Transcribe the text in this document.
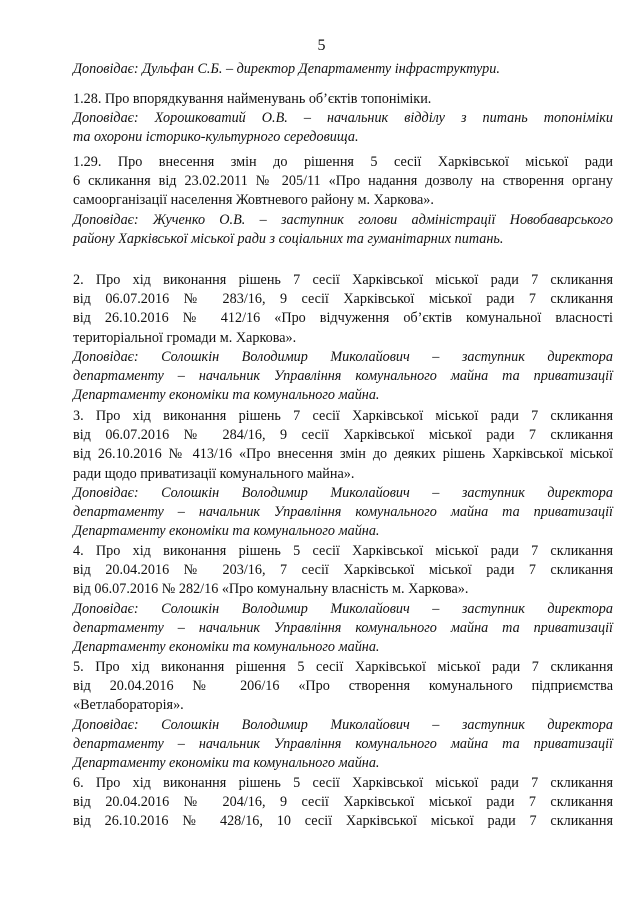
5
Доповідає: Дульфан С.Б. – директор Департаменту інфраструктури.
1.28. Про впорядкування найменувань об’єктів топоніміки.
Доповідає: Хорошковатий О.В. – начальник відділу з питань топоніміки
та охорони історико-культурного середовища.
1.29. Про внесення змін до рішення 5 сесії Харківської міської ради
6 скликання від 23.02.2011 № 205/11 «Про надання дозволу на створення органу
самоорганізації населення Жовтневого району м. Харкова».
Доповідає: Жученко О.В. – заступник голови адміністрації Новобаварського
району Харківської міської ради з соціальних та гуманітарних питань.
2. Про хід виконання рішень 7 сесії Харківської міської ради 7 скликання
від 06.07.2016 № 283/16, 9 сесії Харківської міської ради 7 скликання
від 26.10.2016 № 412/16 «Про відчуження об’єктів комунальної власності
територіальної громади м. Харкова».
Доповідає: Солошкін Володимир Миколайович – заступник директора
департаменту – начальник Управління комунального майна та приватизації
Департаменту економіки та комунального майна.
3. Про хід виконання рішень 7 сесії Харківської міської ради 7 скликання
від 06.07.2016 № 284/16, 9 сесії Харківської міської ради 7 скликання
від 26.10.2016 № 413/16 «Про внесення змін до деяких рішень Харківської міської
ради щодо приватизації комунального майна».
Доповідає: Солошкін Володимир Миколайович – заступник директора
департаменту – начальник Управління комунального майна та приватизації
Департаменту економіки та комунального майна.
4. Про хід виконання рішень 5 сесії Харківської міської ради 7 скликання
від 20.04.2016 № 203/16, 7 сесії Харківської міської ради 7 скликання
від 06.07.2016 № 282/16 «Про комунальну власність м. Харкова».
Доповідає: Солошкін Володимир Миколайович – заступник директора
департаменту – начальник Управління комунального майна та приватизації
Департаменту економіки та комунального майна.
5. Про хід виконання рішення 5 сесії Харківської міської ради 7 скликання
від 20.04.2016 № 206/16 «Про створення комунального підприємства
«Ветлабораторія».
Доповідає: Солошкін Володимир Миколайович – заступник директора
департаменту – начальник Управління комунального майна та приватизації
Департаменту економіки та комунального майна.
6. Про хід виконання рішень 5 сесії Харківської міської ради 7 скликання
від 20.04.2016 № 204/16, 9 сесії Харківської міської ради 7 скликання
від 26.10.2016 № 428/16, 10 сесії Харківської міської ради 7 скликання
